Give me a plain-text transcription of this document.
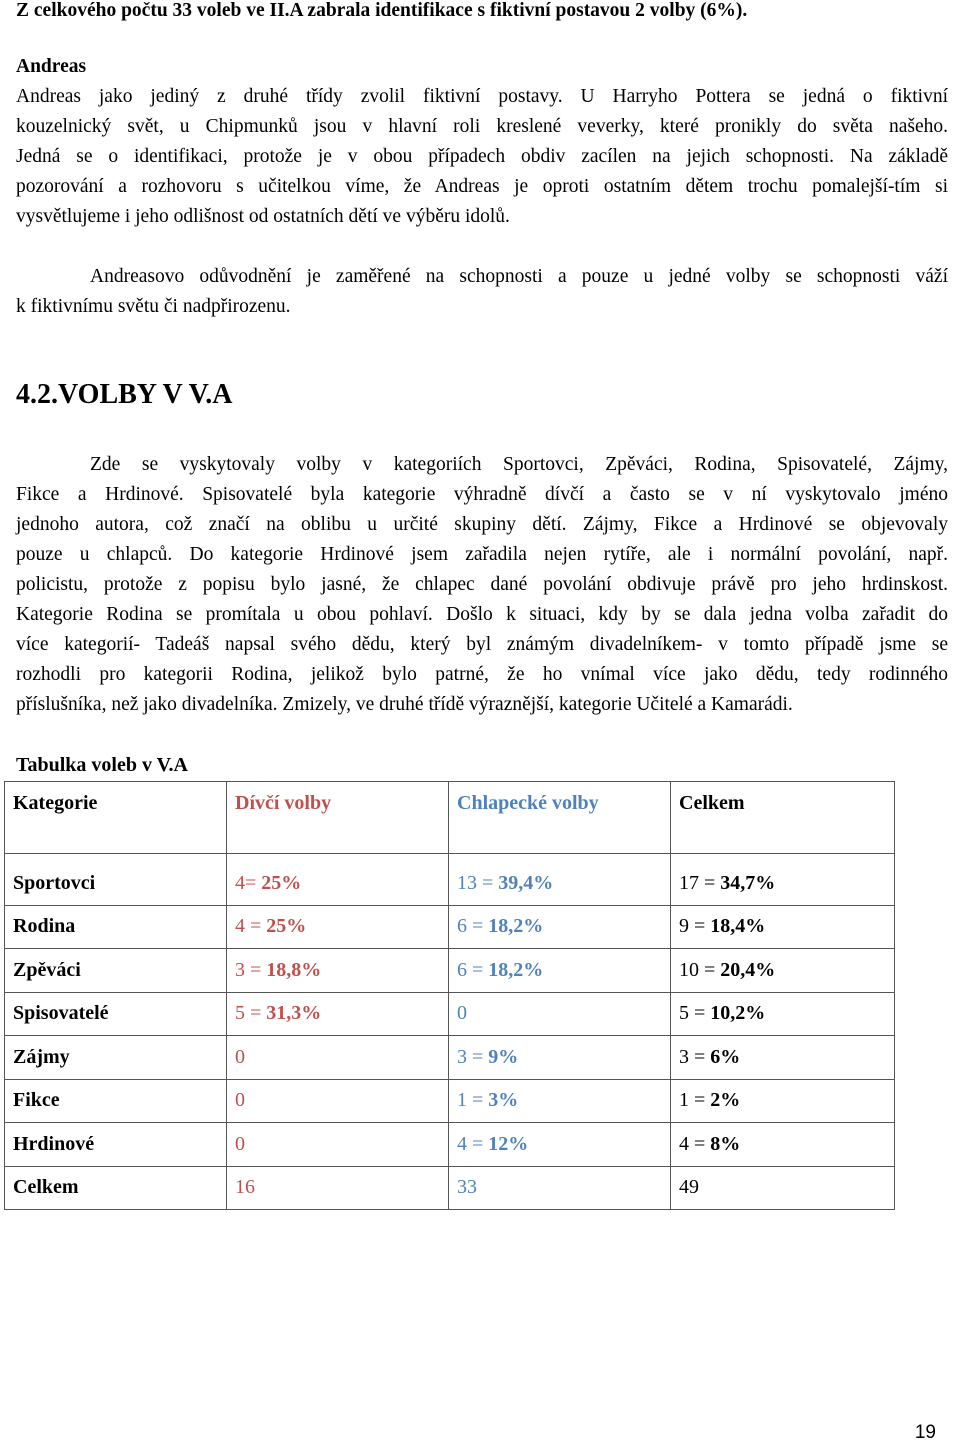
Z celkového počtu 33 voleb ve II.A zabrala identifikace s fiktivní postavou 2 volby (6%).
Andreas
Andreas jako jediný z druhé třídy zvolil fiktivní postavy. U Harryho Pottera se jedná o fiktivní
kouzelnický svět, u Chipmunků jsou v hlavní roli kreslené veverky, které pronikly do světa našeho.
Jedná se o identifikaci, protože je v obou případech obdiv zacílen na jejich schopnosti. Na základě
pozorování a rozhovoru s učitelkou víme, že Andreas je oproti ostatním dětem trochu pomalejší-tím si
vysvětlujeme i jeho odlišnost od ostatních dětí ve výběru idolů.
Andreasovo odůvodnění je zaměřené na schopnosti a pouze u jedné volby se schopnosti váží
k fiktivnímu světu či nadpřirozenu.
4.2.VOLBY V V.A
Zde se vyskytovaly volby v kategoriích Sportovci, Zpěváci, Rodina, Spisovatelé, Zájmy,
Fikce a Hrdinové. Spisovatelé byla kategorie výhradně dívčí a často se v ní vyskytovalo jméno
jednoho autora, což značí na oblibu u určité skupiny dětí. Zájmy, Fikce a Hrdinové se objevovaly
pouze u chlapců. Do kategorie Hrdinové jsem zařadila nejen rytíře, ale i normální povolání, např.
policistu, protože z popisu bylo jasné, že chlapec dané povolání obdivuje právě pro jeho hrdinskost.
Kategorie Rodina se promítala u obou pohlaví. Došlo k situaci, kdy by se dala jedna volba zařadit do
více kategorií- Tadeáš napsal svého dědu, který byl známým divadelníkem- v tomto případě jsme se
rozhodli pro kategorii Rodina, jelikož bylo patrné, že ho vnímal více jako dědu, tedy rodinného
příslušníka, než jako divadelníka. Zmizely, ve druhé třídě výraznější, kategorie Učitelé a Kamarádi.
Tabulka voleb v V.A
Kategorie	Dívčí volby	Chlapecké volby	Celkem
Sportovci	4= 25%	13 = 39,4%	17 = 34,7%
Rodina	4 = 25%	6 = 18,2%	9 = 18,4%
Zpěváci	3 = 18,8%	6 = 18,2%	10 = 20,4%
Spisovatelé	5 = 31,3%	0	5 = 10,2%
Zájmy	0	3 = 9%	3 = 6%
Fikce	0	1 = 3%	1 = 2%
Hrdinové	0	4 = 12%	4 = 8%
Celkem	16	33	49
19
